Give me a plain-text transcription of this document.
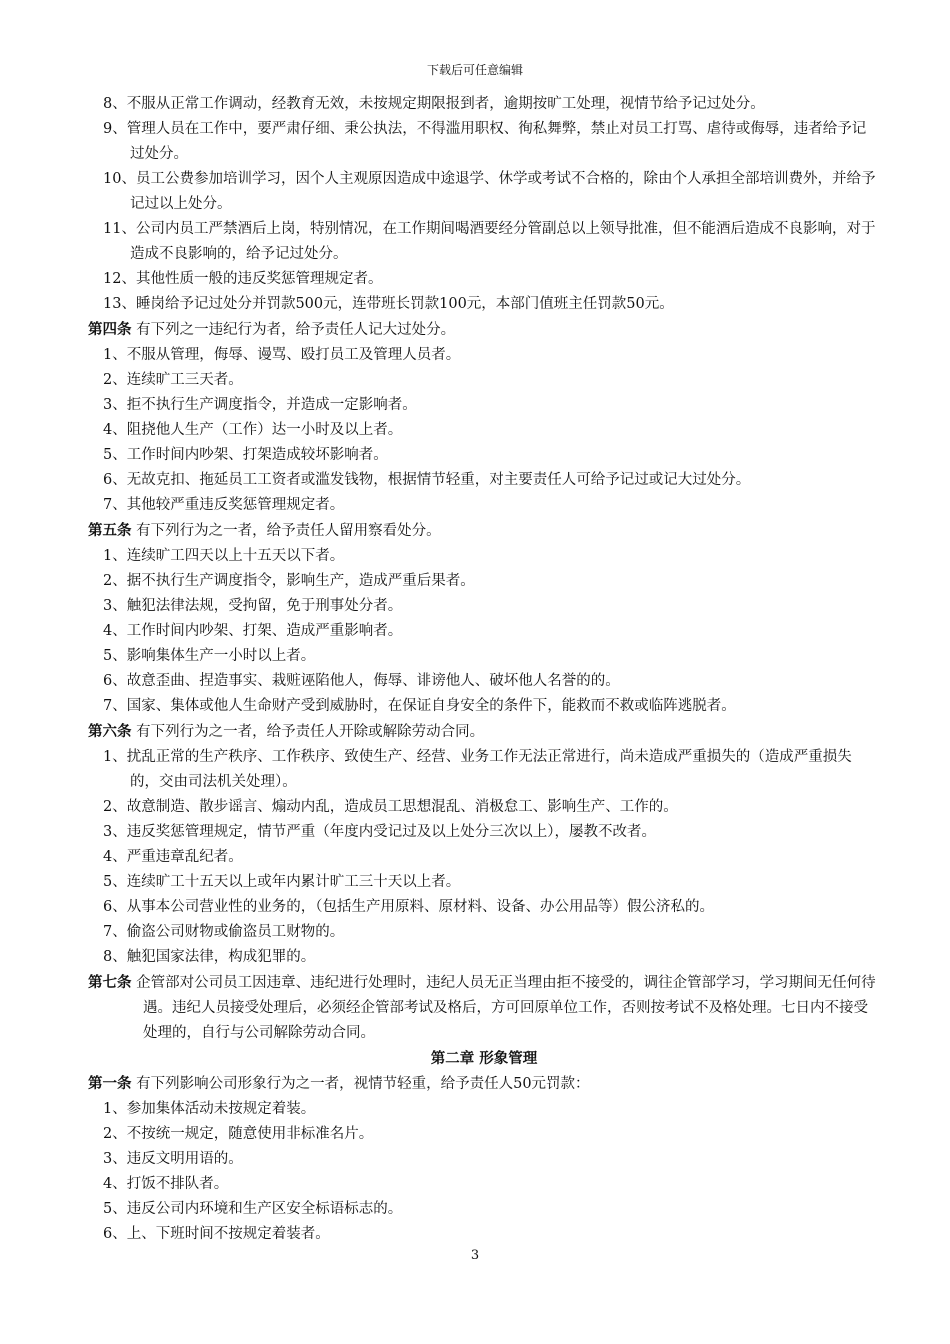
下载后可任意编辑
8、不服从正常工作调动，经教育无效，未按规定期限报到者，逾期按旷工处理，视情节给予记过处分。
9、管理人员在工作中，要严肃仔细、秉公执法，不得滥用职权、徇私舞弊，禁止对员工打骂、虐待或侮辱，违者给予记过处分。
10、员工公费参加培训学习，因个人主观原因造成中途退学、休学或考试不合格的，除由个人承担全部培训费外，并给予记过以上处分。
11、公司内员工严禁酒后上岗，特别情况，在工作期间喝酒要经分管副总以上领导批准，但不能酒后造成不良影响，对于造成不良影响的，给予记过处分。
12、其他性质一般的违反奖惩管理规定者。
13、睡岗给予记过处分并罚款500元，连带班长罚款100元，本部门值班主任罚款50元。
第四条 有下列之一违纪行为者，给予责任人记大过处分。
1、不服从管理，侮辱、谩骂、殴打员工及管理人员者。
2、连续旷工三天者。
3、拒不执行生产调度指令，并造成一定影响者。
4、阻挠他人生产（工作）达一小时及以上者。
5、工作时间内吵架、打架造成较坏影响者。
6、无故克扣、拖延员工工资者或滥发钱物，根据情节轻重，对主要责任人可给予记过或记大过处分。
7、其他较严重违反奖惩管理规定者。
第五条 有下列行为之一者，给予责任人留用察看处分。
1、连续旷工四天以上十五天以下者。
2、据不执行生产调度指令，影响生产，造成严重后果者。
3、触犯法律法规，受拘留，免于刑事处分者。
4、工作时间内吵架、打架、造成严重影响者。
5、影响集体生产一小时以上者。
6、故意歪曲、捏造事实、栽赃诬陷他人，侮辱、诽谤他人、破坏他人名誉的的。
7、国家、集体或他人生命财产受到威胁时，在保证自身安全的条件下，能救而不救或临阵逃脱者。
第六条 有下列行为之一者，给予责任人开除或解除劳动合同。
1、扰乱正常的生产秩序、工作秩序、致使生产、经营、业务工作无法正常进行，尚未造成严重损失的（造成严重损失的，交由司法机关处理）。
2、故意制造、散步谣言、煽动内乱，造成员工思想混乱、消极怠工、影响生产、工作的。
3、违反奖惩管理规定，情节严重（年度内受记过及以上处分三次以上），屡教不改者。
4、严重违章乱纪者。
5、连续旷工十五天以上或年内累计旷工三十天以上者。
6、从事本公司营业性的业务的，（包括生产用原料、原材料、设备、办公用品等）假公济私的。
7、偷盗公司财物或偷盗员工财物的。
8、触犯国家法律，构成犯罪的。
第七条 企管部对公司员工因违章、违纪进行处理时，违纪人员无正当理由拒不接受的，调往企管部学习，学习期间无任何待遇。违纪人员接受处理后，必须经企管部考试及格后，方可回原单位工作，否则按考试不及格处理。七日内不接受处理的，自行与公司解除劳动合同。
第二章 形象管理
第一条 有下列影响公司形象行为之一者，视情节轻重，给予责任人50元罚款：
1、参加集体活动未按规定着装。
2、不按统一规定，随意使用非标准名片。
3、违反文明用语的。
4、打饭不排队者。
5、违反公司内环境和生产区安全标语标志的。
6、上、下班时间不按规定着装者。
3
